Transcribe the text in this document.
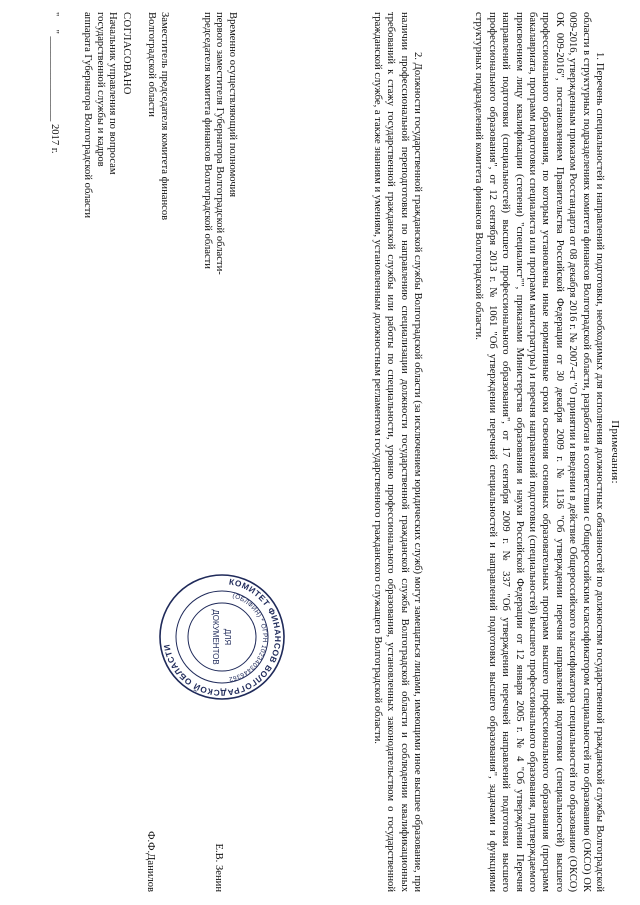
Примечания:

1. Перечень специальностей и направлений подготовки, необходимых для исполнения должностных обязанностей по должностям государственной гражданской службы Волгоградской области в структурных подразделениях комитета финансов Волгоградской области, разработан в соответствии с Общероссийским классификатором специальностей по образованию (ОКСО) ОК 009-2016, утвержденным приказом Росстандарта от 08 декабря 2016 г. № 2007-ст "О принятии и введении в действие Общероссийского классификатора специальностей по образованию (ОКСО) ОК 009-2016", постановлением Правительства Российской Федерации от 30 декабря 2009 г. № 1136 "Об утверждении перечня направлений подготовки (специальностей) высшего профессионального образования, по которым установлены иные нормативные сроки освоения основных образовательных программ высшего профессионального образования (программ бакалавриата, программ подготовки специалиста или программ магистратуры) и перечня направлений подготовки (специальностей) высшего профессионального образования, подтверждаемого присвоением лицу квалификации (степени) "специалист"", приказами Министерства образования и науки Российской Федерации от 12 января 2005 г. № 4 "Об утверждении Перечня направлений подготовки (специальностей) высшего профессионального образования", от 17 сентября 2009 г. № 337 "Об утверждении перечней направлений подготовки высшего профессионального образования", от 12 сентября 2013 г. № 1061 "Об утверждении перечней специальностей и направлений подготовки высшего образования", задачами и функциями структурных подразделений комитета финансов Волгоградской области.

2. Должности государственной гражданской службы Волгоградской области (за исключением юридических служб) могут замещаться лицами, имеющими иное высшее образование, при наличии профессиональной переподготовки по направлению специализации должности государственной гражданской службы Волгоградской области и соблюдении квалификационных требований к стажу государственной гражданской службы или работы по специальности, уровню профессионального образования, установленных законодательством о государственной гражданской службе, а также знаниям и умениям, установленным должностным регламентом государственного гражданского служащего Волгоградской области.

Временно осуществляющий полномочия
первого заместителя Губернатора Волгоградской области-
председателя комитета финансов Волгоградской области
Е.В. Зенин
Заместитель председателя комитета финансов
Волгоградской области
Ф.Ф.Данилов
СОГЛАСОВАНО
Начальник управления по вопросам
государственной службы и кадров
аппарата Губернатора Волгоградской области
"     " ________________ 2017 г.
КОМИТЕТ ФИНАНСОВ ВОЛГОГРАДСКОЙ ОБЛАСТИ
(ОБЛФИН) * ОГРН 1023403446362
ДЛЯ
ДОКУМЕНТОВ
